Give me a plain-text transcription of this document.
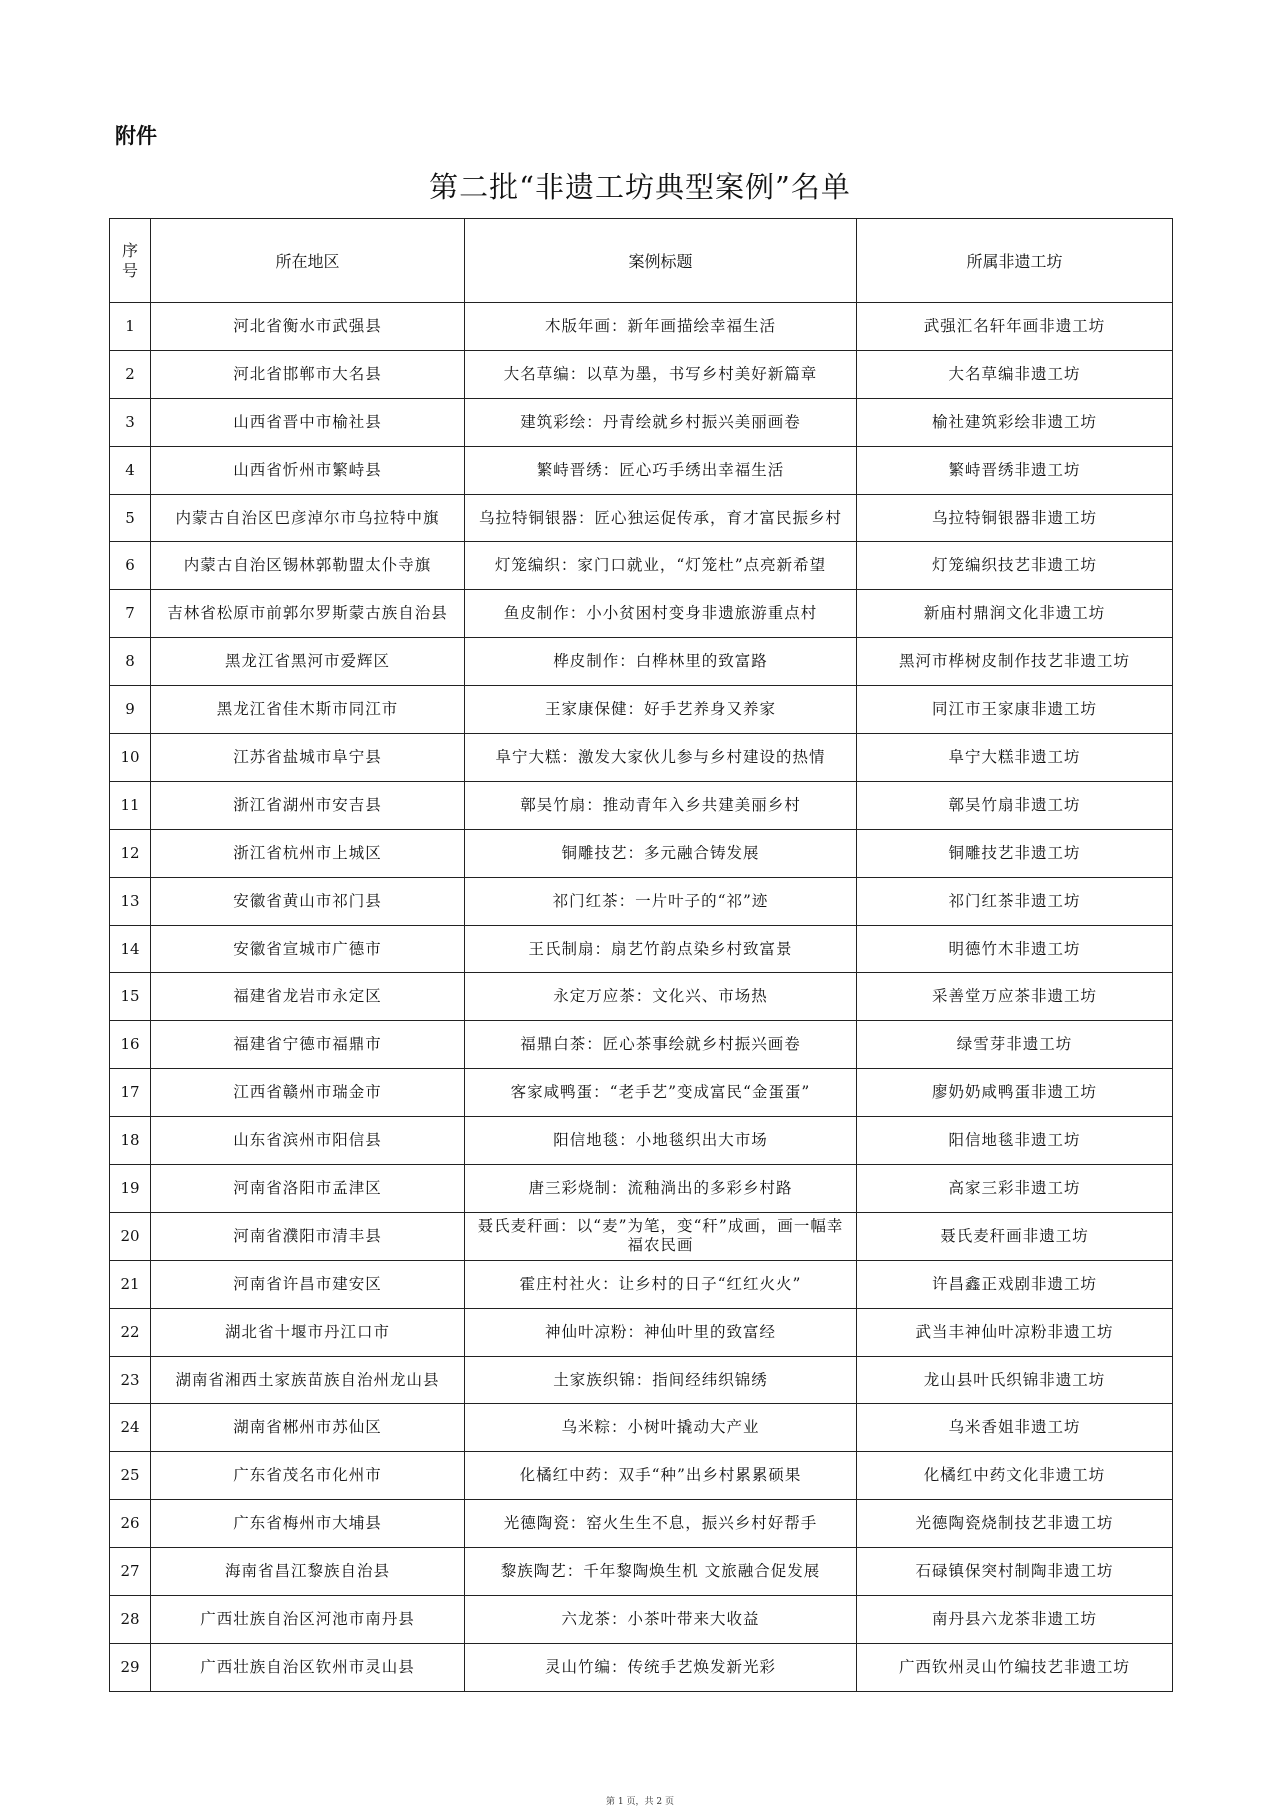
附件
第二批“非遗工坊典型案例”名单
序
号	所在地区	案例标题	所属非遗工坊
1	河北省衡水市武强县	木版年画：新年画描绘幸福生活	武强汇名轩年画非遗工坊
2	河北省邯郸市大名县	大名草编：以草为墨，书写乡村美好新篇章	大名草编非遗工坊
3	山西省晋中市榆社县	建筑彩绘：丹青绘就乡村振兴美丽画卷	榆社建筑彩绘非遗工坊
4	山西省忻州市繁峙县	繁峙晋绣：匠心巧手绣出幸福生活	繁峙晋绣非遗工坊
5	内蒙古自治区巴彦淖尔市乌拉特中旗	乌拉特铜银器：匠心独运促传承，育才富民振乡村	乌拉特铜银器非遗工坊
6	内蒙古自治区锡林郭勒盟太仆寺旗	灯笼编织：家门口就业，“灯笼杜”点亮新希望	灯笼编织技艺非遗工坊
7	吉林省松原市前郭尔罗斯蒙古族自治县	鱼皮制作：小小贫困村变身非遗旅游重点村	新庙村鼎润文化非遗工坊
8	黑龙江省黑河市爱辉区	桦皮制作：白桦林里的致富路	黑河市桦树皮制作技艺非遗工坊
9	黑龙江省佳木斯市同江市	王家康保健：好手艺养身又养家	同江市王家康非遗工坊
10	江苏省盐城市阜宁县	阜宁大糕：激发大家伙儿参与乡村建设的热情	阜宁大糕非遗工坊
11	浙江省湖州市安吉县	鄣吴竹扇：推动青年入乡共建美丽乡村	鄣吴竹扇非遗工坊
12	浙江省杭州市上城区	铜雕技艺：多元融合铸发展	铜雕技艺非遗工坊
13	安徽省黄山市祁门县	祁门红茶：一片叶子的“祁”迹	祁门红茶非遗工坊
14	安徽省宣城市广德市	王氏制扇：扇艺竹韵点染乡村致富景	明德竹木非遗工坊
15	福建省龙岩市永定区	永定万应茶：文化兴、市场热	采善堂万应茶非遗工坊
16	福建省宁德市福鼎市	福鼎白茶：匠心茶事绘就乡村振兴画卷	绿雪芽非遗工坊
17	江西省赣州市瑞金市	客家咸鸭蛋：“老手艺”变成富民“金蛋蛋”	廖奶奶咸鸭蛋非遗工坊
18	山东省滨州市阳信县	阳信地毯：小地毯织出大市场	阳信地毯非遗工坊
19	河南省洛阳市孟津区	唐三彩烧制：流釉淌出的多彩乡村路	高家三彩非遗工坊
20	河南省濮阳市清丰县	聂氏麦秆画：以“麦”为笔，变“秆”成画，画一幅幸福农民画	聂氏麦秆画非遗工坊
21	河南省许昌市建安区	霍庄村社火：让乡村的日子“红红火火”	许昌鑫正戏剧非遗工坊
22	湖北省十堰市丹江口市	神仙叶凉粉：神仙叶里的致富经	武当丰神仙叶凉粉非遗工坊
23	湖南省湘西土家族苗族自治州龙山县	土家族织锦：指间经纬织锦绣	龙山县叶氏织锦非遗工坊
24	湖南省郴州市苏仙区	乌米粽：小树叶撬动大产业	乌米香姐非遗工坊
25	广东省茂名市化州市	化橘红中药：双手“种”出乡村累累硕果	化橘红中药文化非遗工坊
26	广东省梅州市大埔县	光德陶瓷：窑火生生不息，振兴乡村好帮手	光德陶瓷烧制技艺非遗工坊
27	海南省昌江黎族自治县	黎族陶艺：千年黎陶焕生机 文旅融合促发展	石碌镇保突村制陶非遗工坊
28	广西壮族自治区河池市南丹县	六龙茶：小茶叶带来大收益	南丹县六龙茶非遗工坊
29	广西壮族自治区钦州市灵山县	灵山竹编：传统手艺焕发新光彩	广西钦州灵山竹编技艺非遗工坊
第 1 页，共 2 页
